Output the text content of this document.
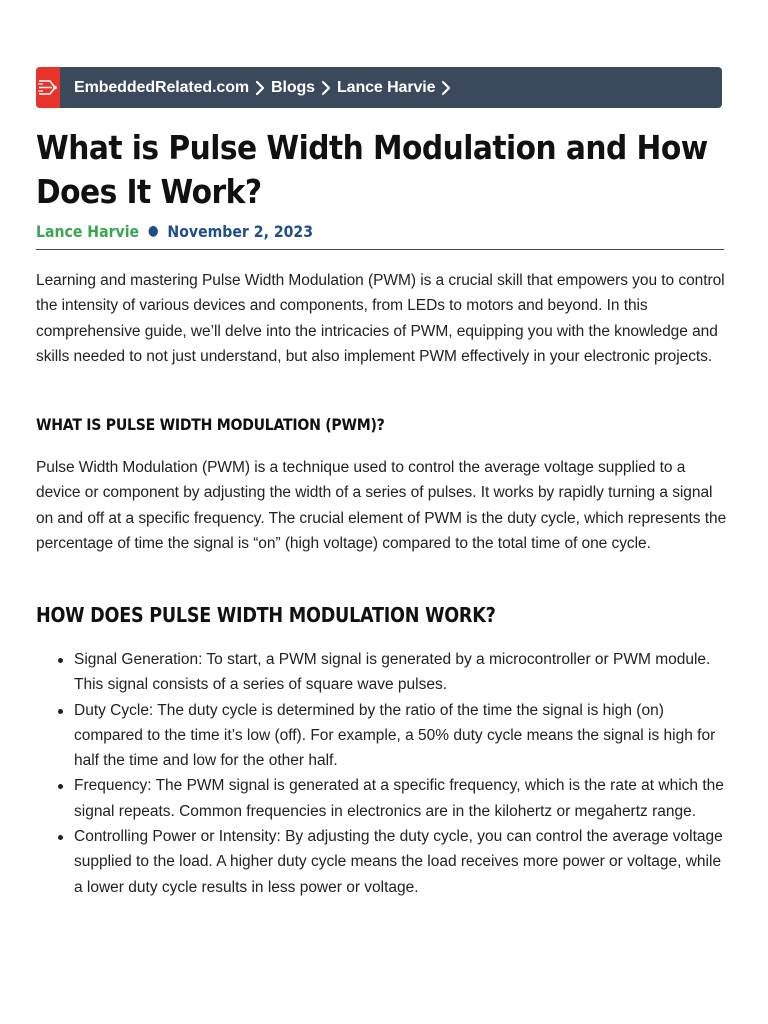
EmbeddedRelated.com Blogs Lance Harvie
What is Pulse Width Modulation and How Does It Work?
Lance Harvie ● November 2, 2023

Learning and mastering Pulse Width Modulation (PWM) is a crucial skill that empowers you to control the intensity of various devices and components, from LEDs to motors and beyond. In this comprehensive guide, we’ll delve into the intricacies of PWM, equipping you with the knowledge and skills needed to not just understand, but also implement PWM effectively in your electronic projects.

WHAT IS PULSE WIDTH MODULATION (PWM)?

Pulse Width Modulation (PWM) is a technique used to control the average voltage supplied to a device or component by adjusting the width of a series of pulses. It works by rapidly turning a signal on and off at a specific frequency. The crucial element of PWM is the duty cycle, which represents the percentage of time the signal is “on” (high voltage) compared to the total time of one cycle.

HOW DOES PULSE WIDTH MODULATION WORK?
Signal Generation: To start, a PWM signal is generated by a microcontroller or PWM module. This signal consists of a series of square wave pulses.
Duty Cycle: The duty cycle is determined by the ratio of the time the signal is high (on) compared to the time it’s low (off). For example, a 50% duty cycle means the signal is high for half the time and low for the other half.
Frequency: The PWM signal is generated at a specific frequency, which is the rate at which the signal repeats. Common frequencies in electronics are in the kilohertz or megahertz range.
Controlling Power or Intensity: By adjusting the duty cycle, you can control the average voltage supplied to the load. A higher duty cycle means the load receives more power or voltage, while a lower duty cycle results in less power or voltage.
